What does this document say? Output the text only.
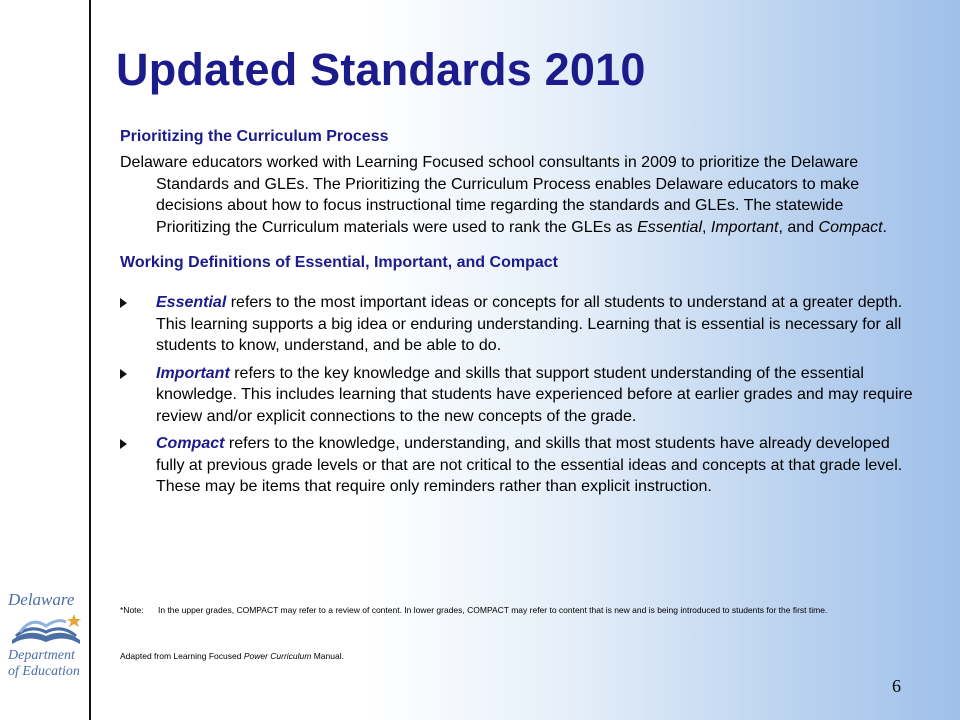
Updated Standards 2010

Prioritizing the Curriculum Process

Delaware educators worked with Learning Focused school consultants in 2009 to prioritize the Delaware Standards and GLEs. The Prioritizing the Curriculum Process enables Delaware educators to make decisions about how to focus instructional time regarding the standards and GLEs. The statewide Prioritizing the Curriculum materials were used to rank the GLEs as Essential, Important, and Compact.

Working Definitions of Essential, Important, and Compact

Essential refers to the most important ideas or concepts for all students to understand at a greater depth. This learning supports a big idea or enduring understanding. Learning that is essential is necessary for all students to know, understand, and be able to do.
Important refers to the key knowledge and skills that support student understanding of the essential knowledge. This includes learning that students have experienced before at earlier grades and may require review and/or explicit connections to the new concepts of the grade.
Compact refers to the knowledge, understanding, and skills that most students have already developed fully at previous grade levels or that are not critical to the essential ideas and concepts at that grade level. These may be items that require only reminders rather than explicit instruction.
*Note: In the upper grades, COMPACT may refer to a review of content. In lower grades, COMPACT may refer to content that is new and is being introduced to students for the first time.
Adapted from Learning Focused Power Curriculum Manual.
6
Delaware
Department
of Education
